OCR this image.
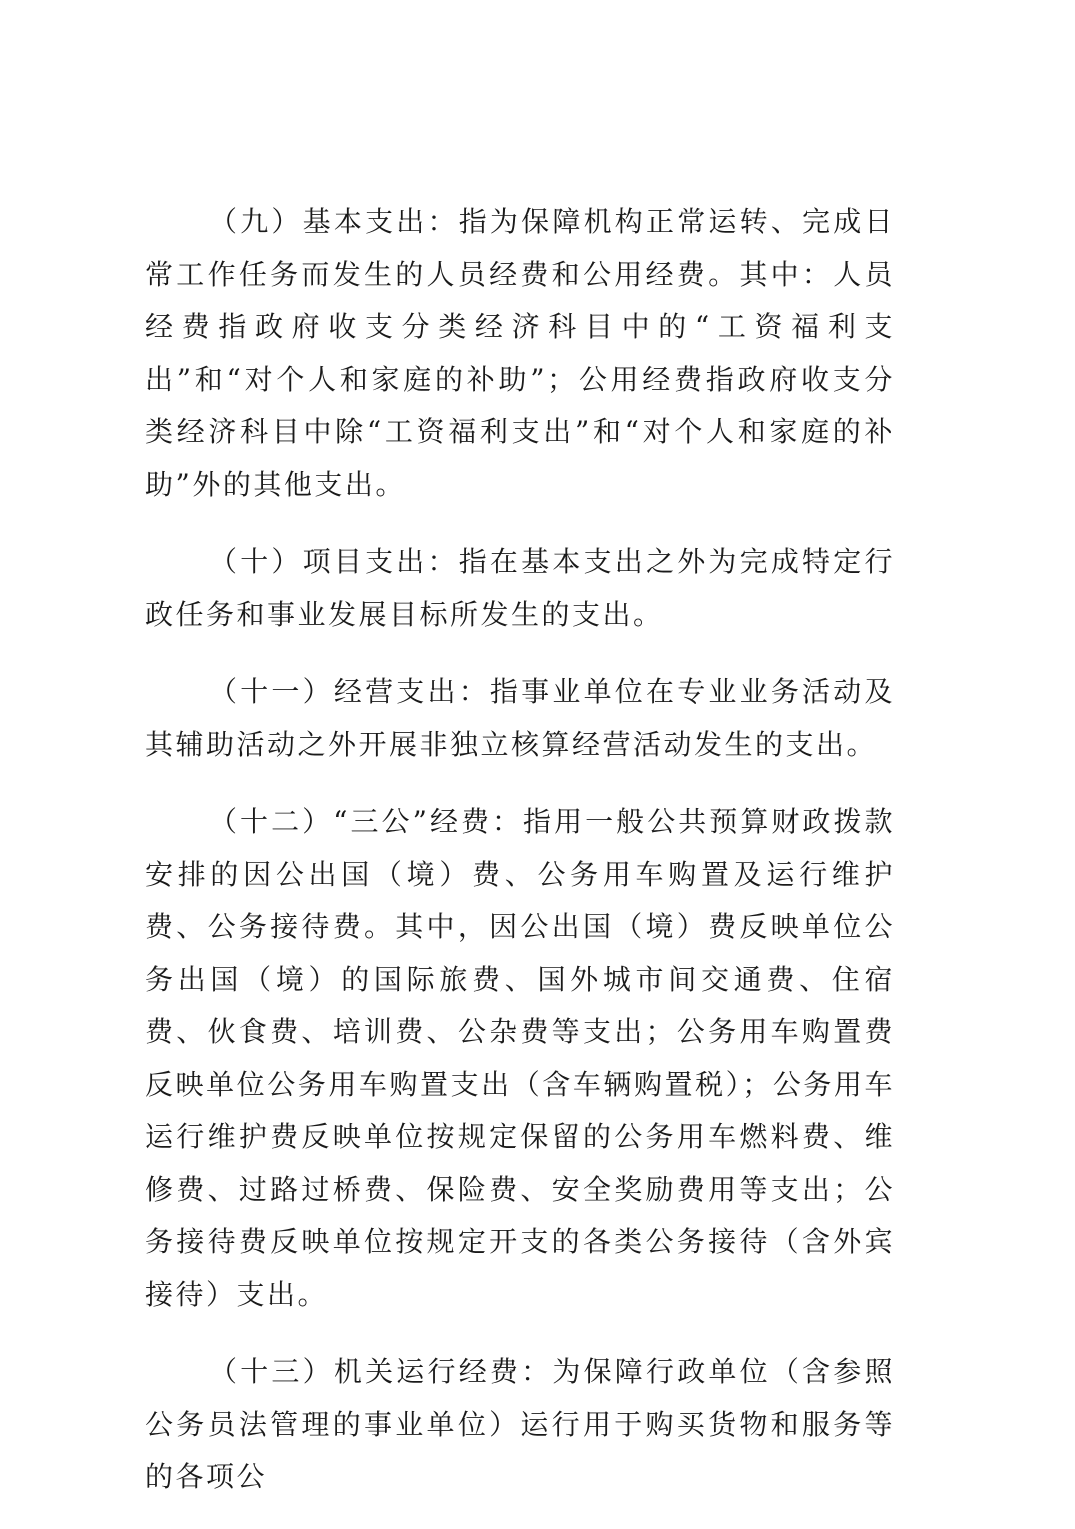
（九）基本支出：指为保障机构正常运转、完成日常工作任务而发生的人员经费和公用经费。其中：人员经费指政府收支分类经济科目中的“工资福利支出”和“对个人和家庭的补助”；公用经费指政府收支分类经济科目中除“工资福利支出”和“对个人和家庭的补助”外的其他支出。

（十）项目支出：指在基本支出之外为完成特定行政任务和事业发展目标所发生的支出。

（十一）经营支出：指事业单位在专业业务活动及其辅助活动之外开展非独立核算经营活动发生的支出。

（十二）“三公”经费：指用一般公共预算财政拨款安排的因公出国（境）费、公务用车购置及运行维护费、公务接待费。其中，因公出国（境）费反映单位公务出国（境）的国际旅费、国外城市间交通费、住宿费、伙食费、培训费、公杂费等支出；公务用车购置费反映单位公务用车购置支出（含车辆购置税）；公务用车运行维护费反映单位按规定保留的公务用车燃料费、维修费、过路过桥费、保险费、安全奖励费用等支出；公务接待费反映单位按规定开支的各类公务接待（含外宾接待）支出。

（十三）机关运行经费：为保障行政单位（含参照公务员法管理的事业单位）运行用于购买货物和服务等的各项公
